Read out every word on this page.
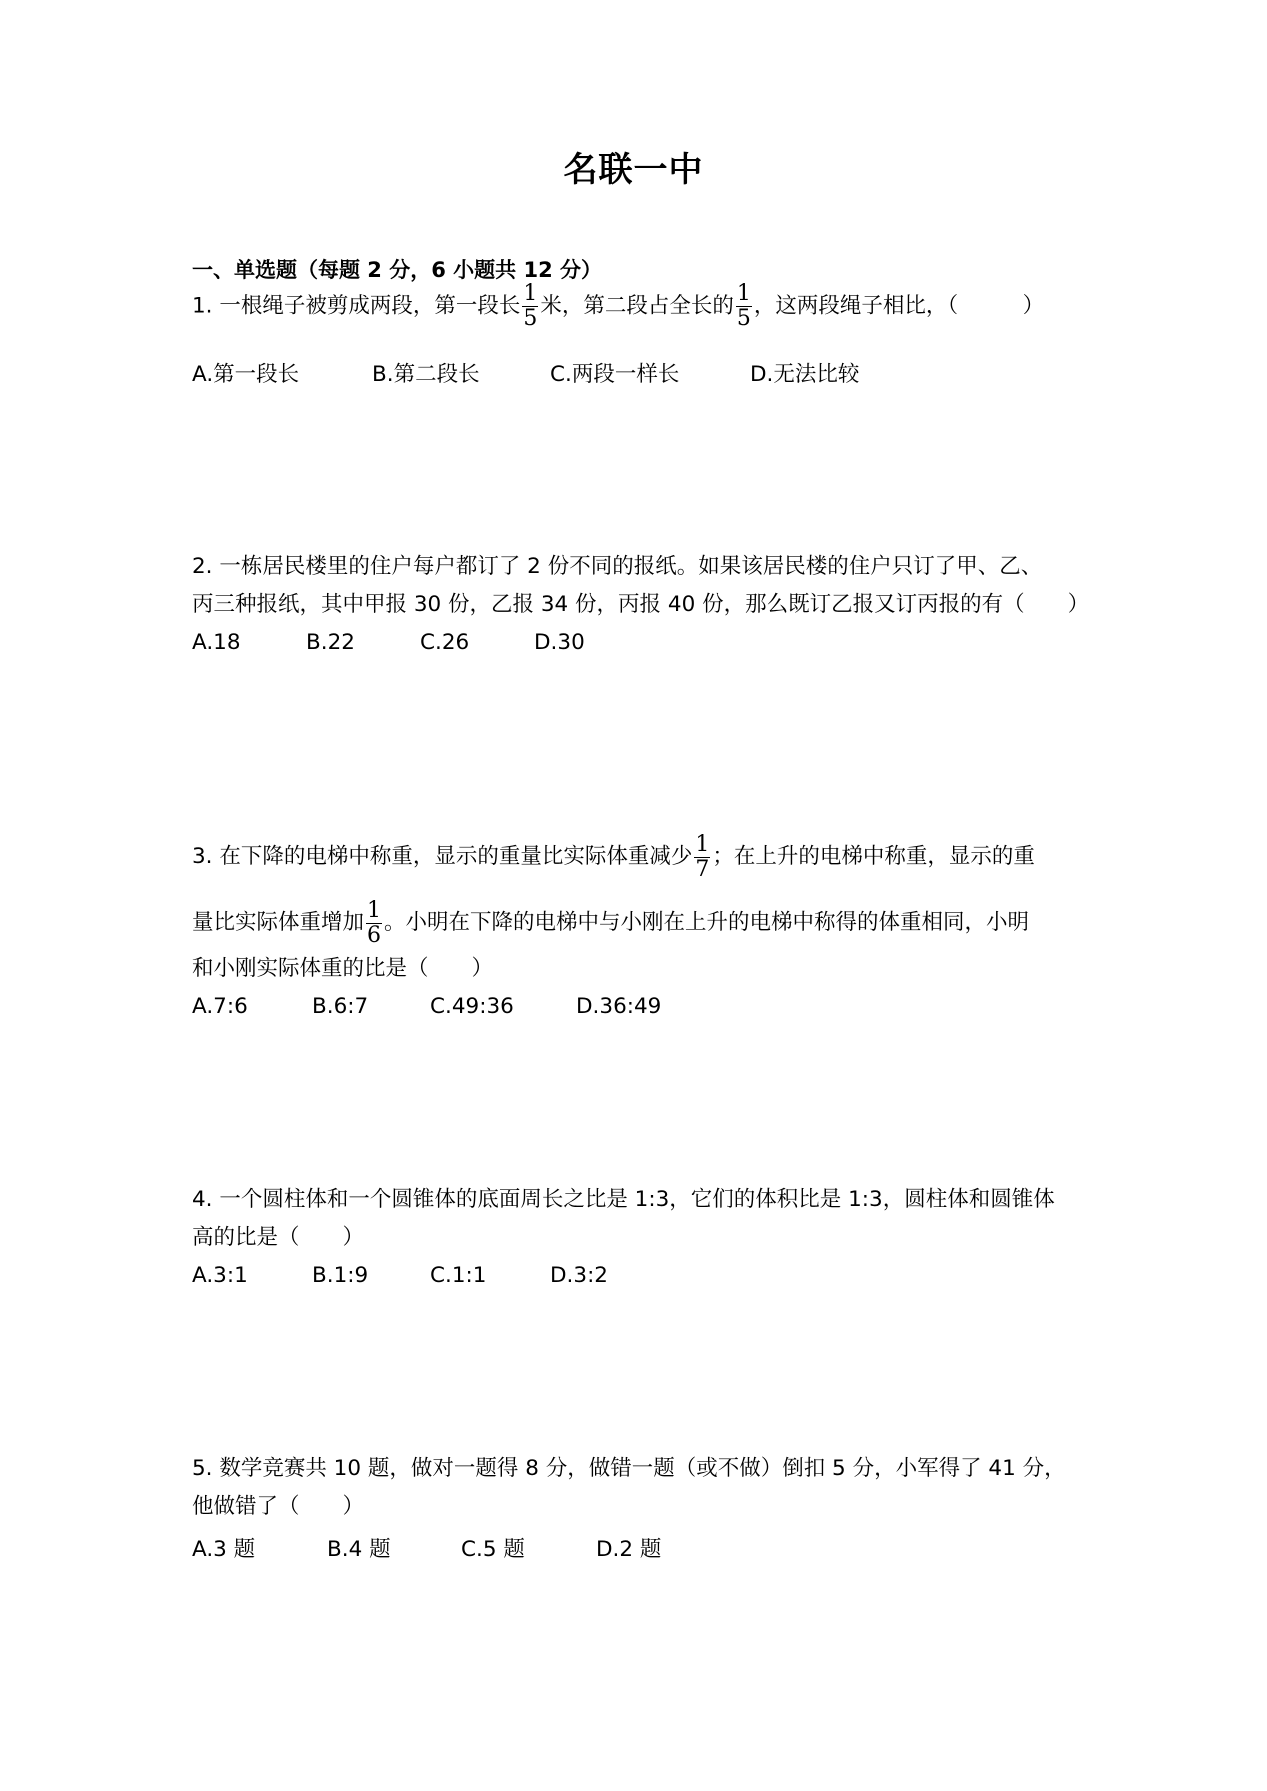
名联一中
一、单选题（每题 2 分，6 小题共 12 分）
1. 一根绳子被剪成两段，第一段长 $\frac{1}{5}$ 米，第二段占全长的 $\frac{1}{5}$ ，这两段绳子相比，（　　　）
A.第一段长	B.第二段长	C.两段一样长	D.无法比较
2. 一栋居民楼里的住户每户都订了 2 份不同的报纸。如果该居民楼的住户只订了甲、乙、
丙三种报纸，其中甲报 30 份，乙报 34 份，丙报 40 份，那么既订乙报又订丙报的有（　　）
A.18	B.22	C.26	D.30
3. 在下降的电梯中称重，显示的重量比实际体重减少 $\frac{1}{7}$ ；在上升的电梯中称重，显示的重
量比实际体重增加 $\frac{1}{6}$ 。小明在下降的电梯中与小刚在上升的电梯中称得的体重相同，小明
和小刚实际体重的比是（　　）
A.7:6	B.6:7	C.49:36	D.36:49
4. 一个圆柱体和一个圆锥体的底面周长之比是 1:3，它们的体积比是 1:3，圆柱体和圆锥体
高的比是（　　）
A.3:1	B.1:9	C.1:1	D.3:2
5. 数学竞赛共 10 题，做对一题得 8 分，做错一题（或不做）倒扣 5 分，小军得了 41 分，
他做错了（　　）
A.3 题	B.4 题	C.5 题	D.2 题
